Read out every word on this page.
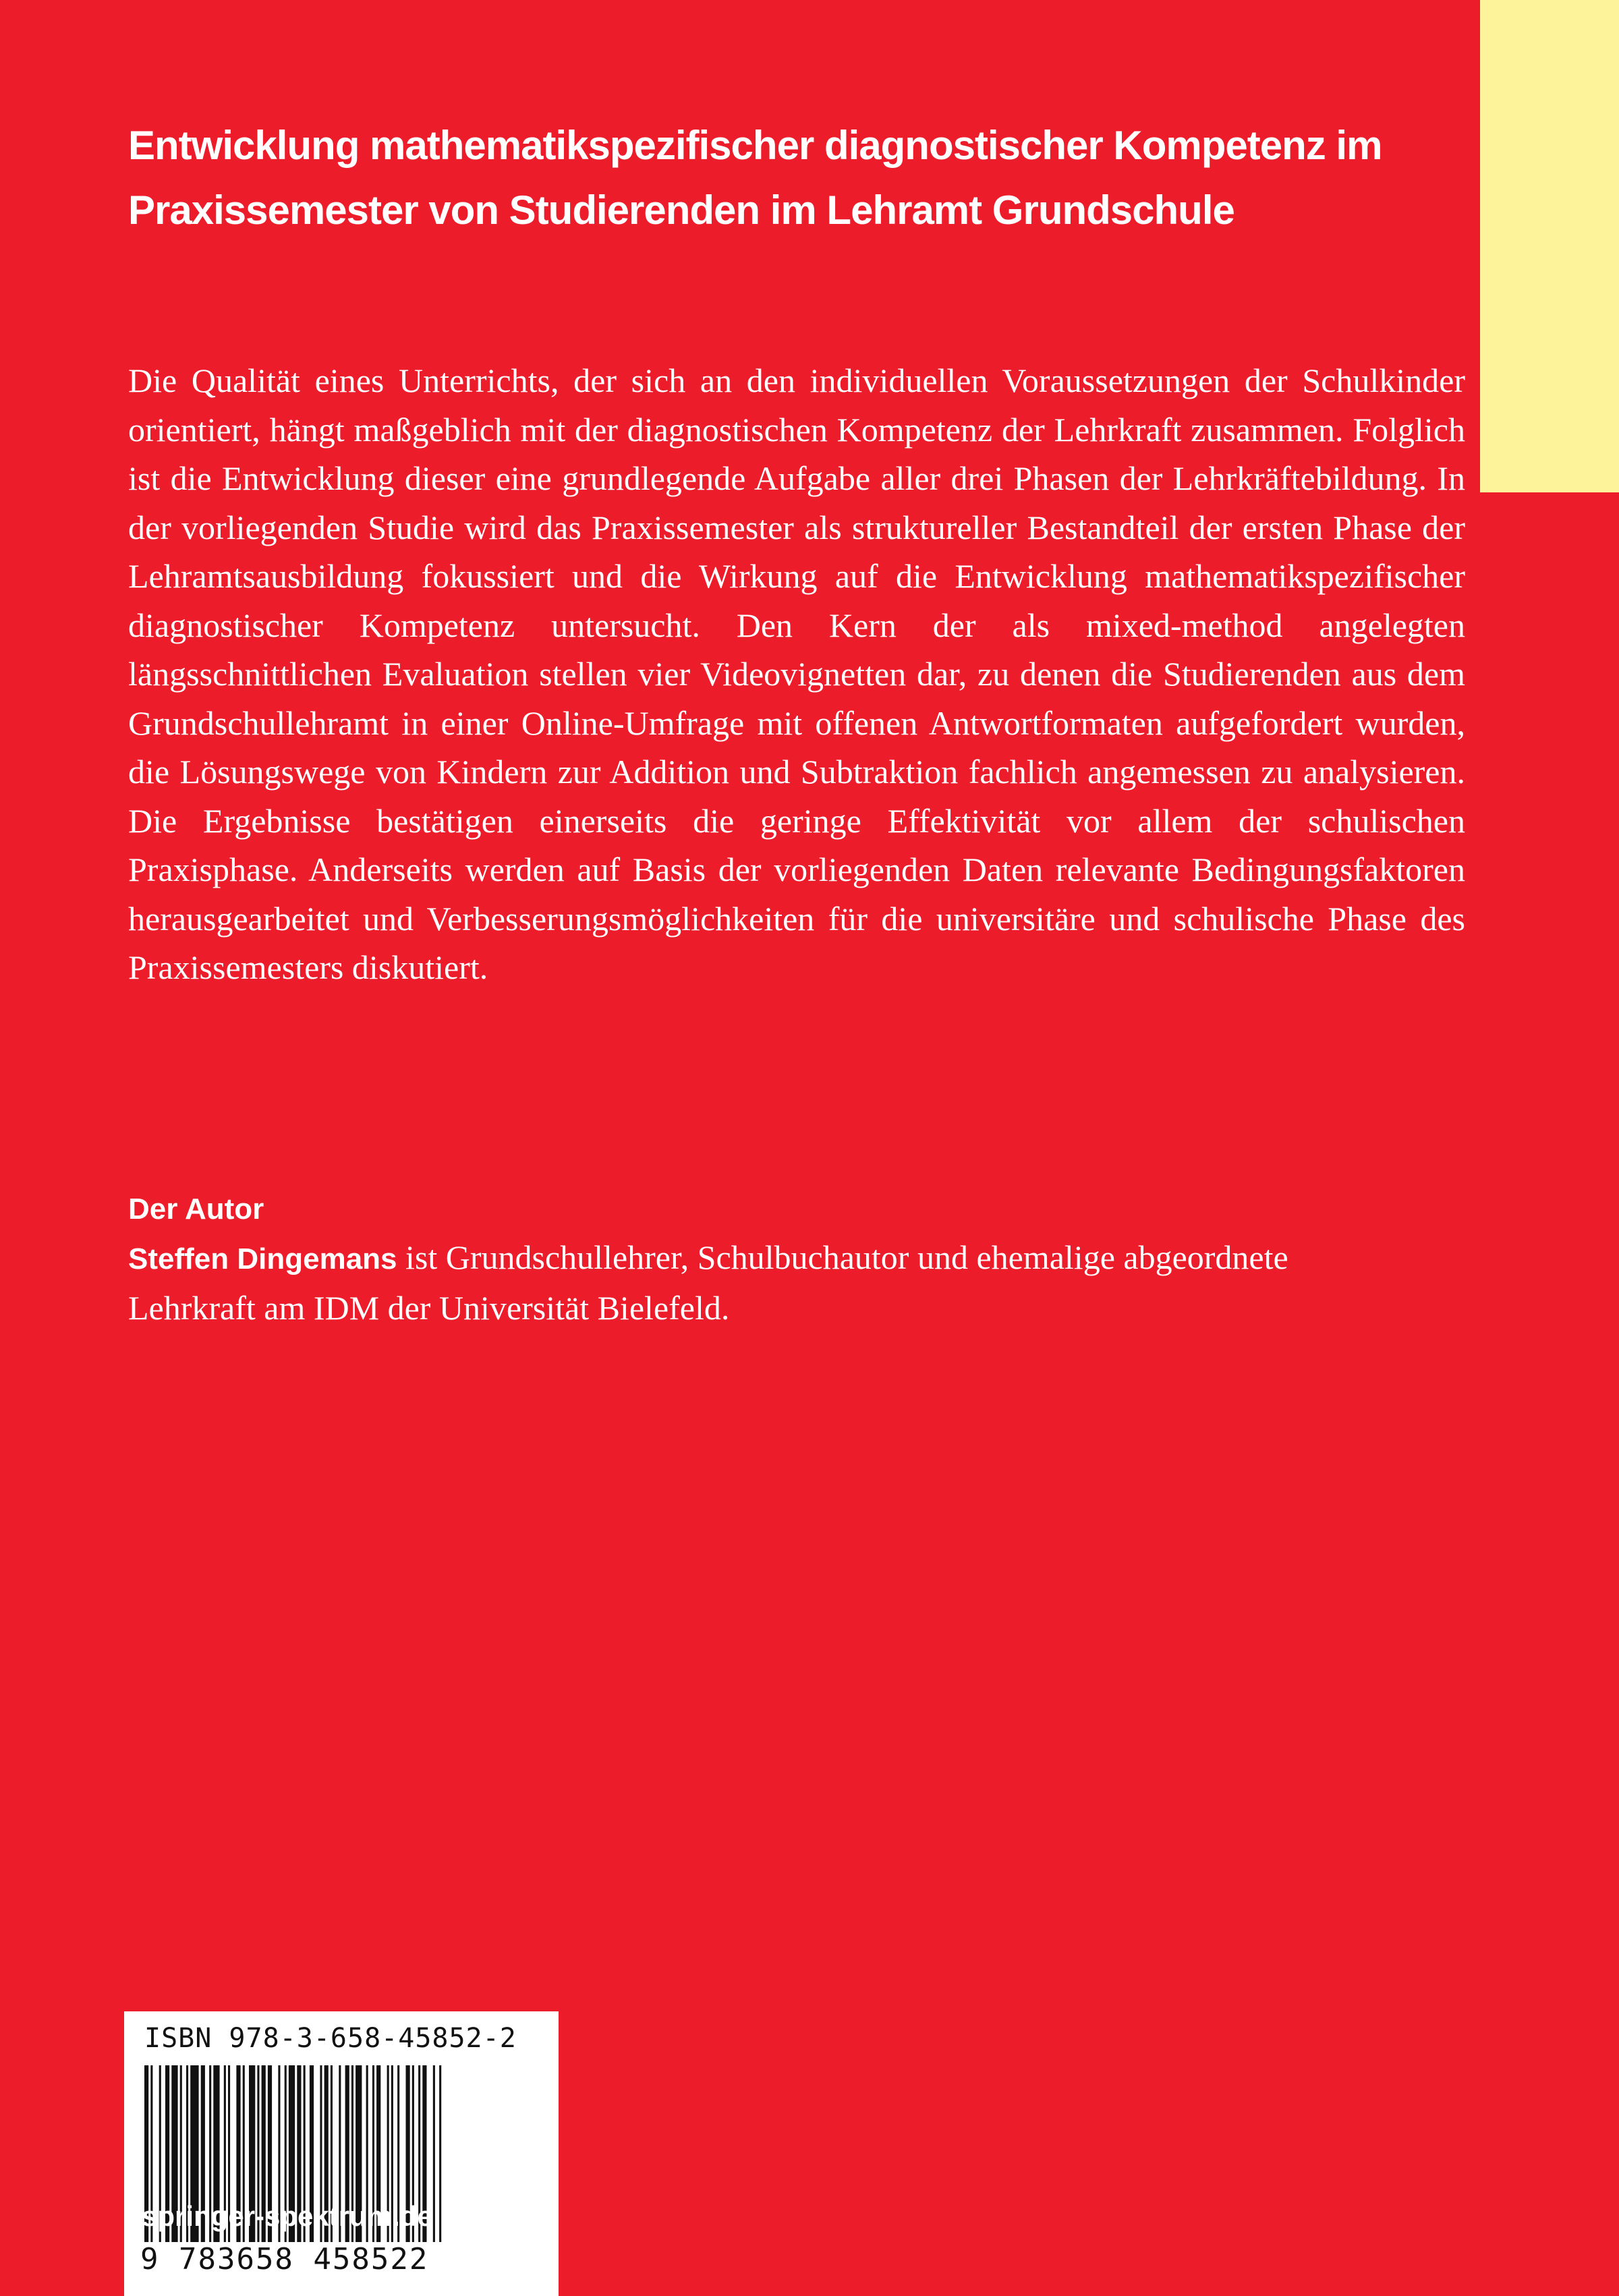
Entwicklung mathematikspezifischer diagnostischer Kompetenz im Praxissemester von Studierenden im Lehramt Grundschule

Die Qualität eines Unterrichts, der sich an den individuellen Voraussetzungen der Schulkinder orientiert, hängt maßgeblich mit der diagnostischen Kompetenz der Lehrkraft zusammen. Folglich ist die Entwicklung dieser eine grundlegende Aufgabe aller drei Phasen der Lehrkräftebildung. In der vorliegenden Studie wird das Praxissemester als struktureller Bestandteil der ersten Phase der Lehramtsausbildung fokussiert und die Wirkung auf die Entwicklung mathematikspezifischer diagnostischer Kompetenz untersucht. Den Kern der als mixed-method angelegten längsschnittlichen Evaluation stellen vier Videovignetten dar, zu denen die Studierenden aus dem Grundschullehramt in einer Online-Umfrage mit offenen Antwortformaten aufgefordert wurden, die Lösungswege von Kindern zur Addition und Subtraktion fachlich angemessen zu analysieren. Die Ergebnisse bestätigen einerseits die geringe Effektivität vor allem der schulischen Praxisphase. Anderseits werden auf Basis der vorliegenden Daten relevante Bedingungsfaktoren herausgearbeitet und Verbesserungsmöglichkeiten für die universitäre und schulische Phase des Praxissemesters diskutiert.

Der Autor

Steffen Dingemans ist Grundschullehrer, Schulbuchautor und ehemalige abgeordnete Lehrkraft am IDM der Universität Bielefeld.

ISBN 978-3-658-45852-2
9 783658 458522
springer-spektrum.de
